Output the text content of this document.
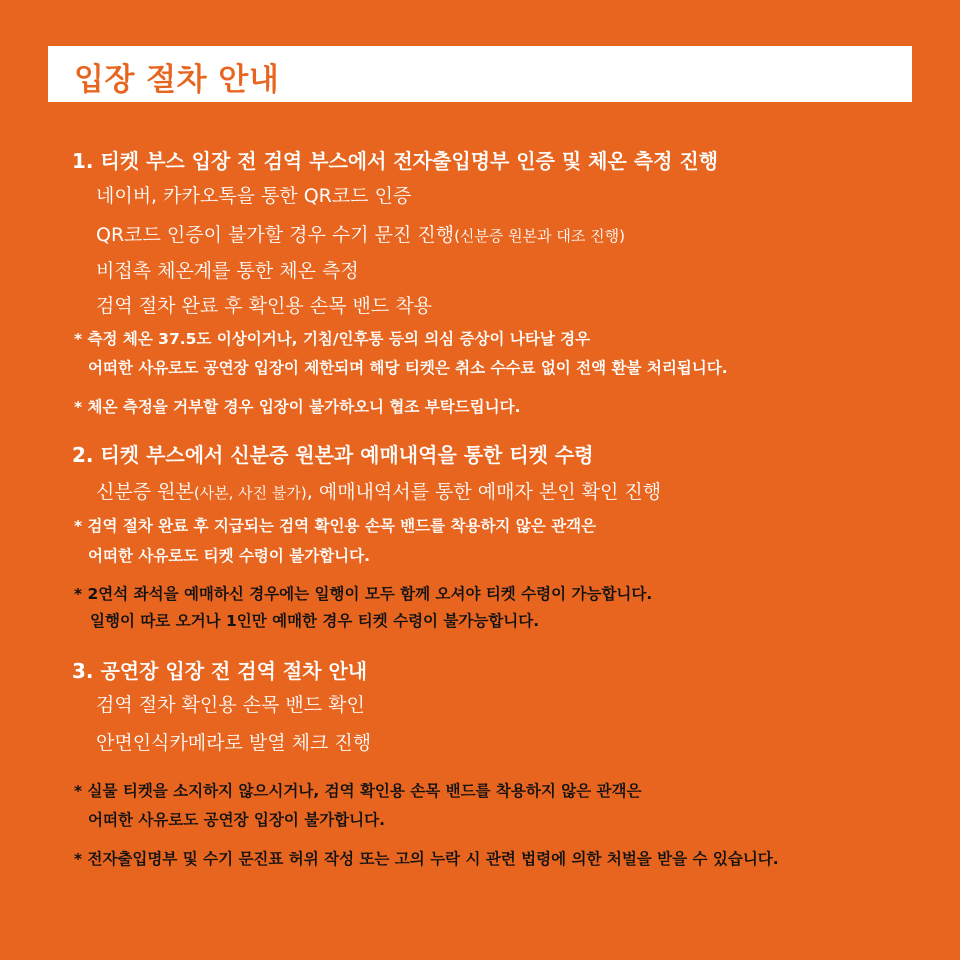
입장 절차 안내
1. 티켓 부스 입장 전 검역 부스에서 전자출입명부 인증 및 체온 측정 진행
네이버, 카카오톡을 통한 QR코드 인증
QR코드 인증이 불가할 경우 수기 문진 진행(신분증 원본과 대조 진행)
비접촉 체온계를 통한 체온 측정
검역 절차 완료 후 확인용 손목 밴드 착용
* 측정 체온 37.5도 이상이거나, 기침/인후통 등의 의심 증상이 나타날 경우
어떠한 사유로도 공연장 입장이 제한되며 해당 티켓은 취소 수수료 없이 전액 환불 처리됩니다.
* 체온 측정을 거부할 경우 입장이 불가하오니 협조 부탁드립니다.
2. 티켓 부스에서 신분증 원본과 예매내역을 통한 티켓 수령
신분증 원본(사본, 사진 불가), 예매내역서를 통한 예매자 본인 확인 진행
* 검역 절차 완료 후 지급되는 검역 확인용 손목 밴드를 착용하지 않은 관객은
어떠한 사유로도 티켓 수령이 불가합니다.
* 2연석 좌석을 예매하신 경우에는 일행이 모두 함께 오셔야 티켓 수령이 가능합니다.
일행이 따로 오거나 1인만 예매한 경우 티켓 수령이 불가능합니다.
3. 공연장 입장 전 검역 절차 안내
검역 절차 확인용 손목 밴드 확인
안면인식카메라로 발열 체크 진행
* 실물 티켓을 소지하지 않으시거나, 검역 확인용 손목 밴드를 착용하지 않은 관객은
어떠한 사유로도 공연장 입장이 불가합니다.
* 전자출입명부 및 수기 문진표 허위 작성 또는 고의 누락 시 관련 법령에 의한 처벌을 받을 수 있습니다.
